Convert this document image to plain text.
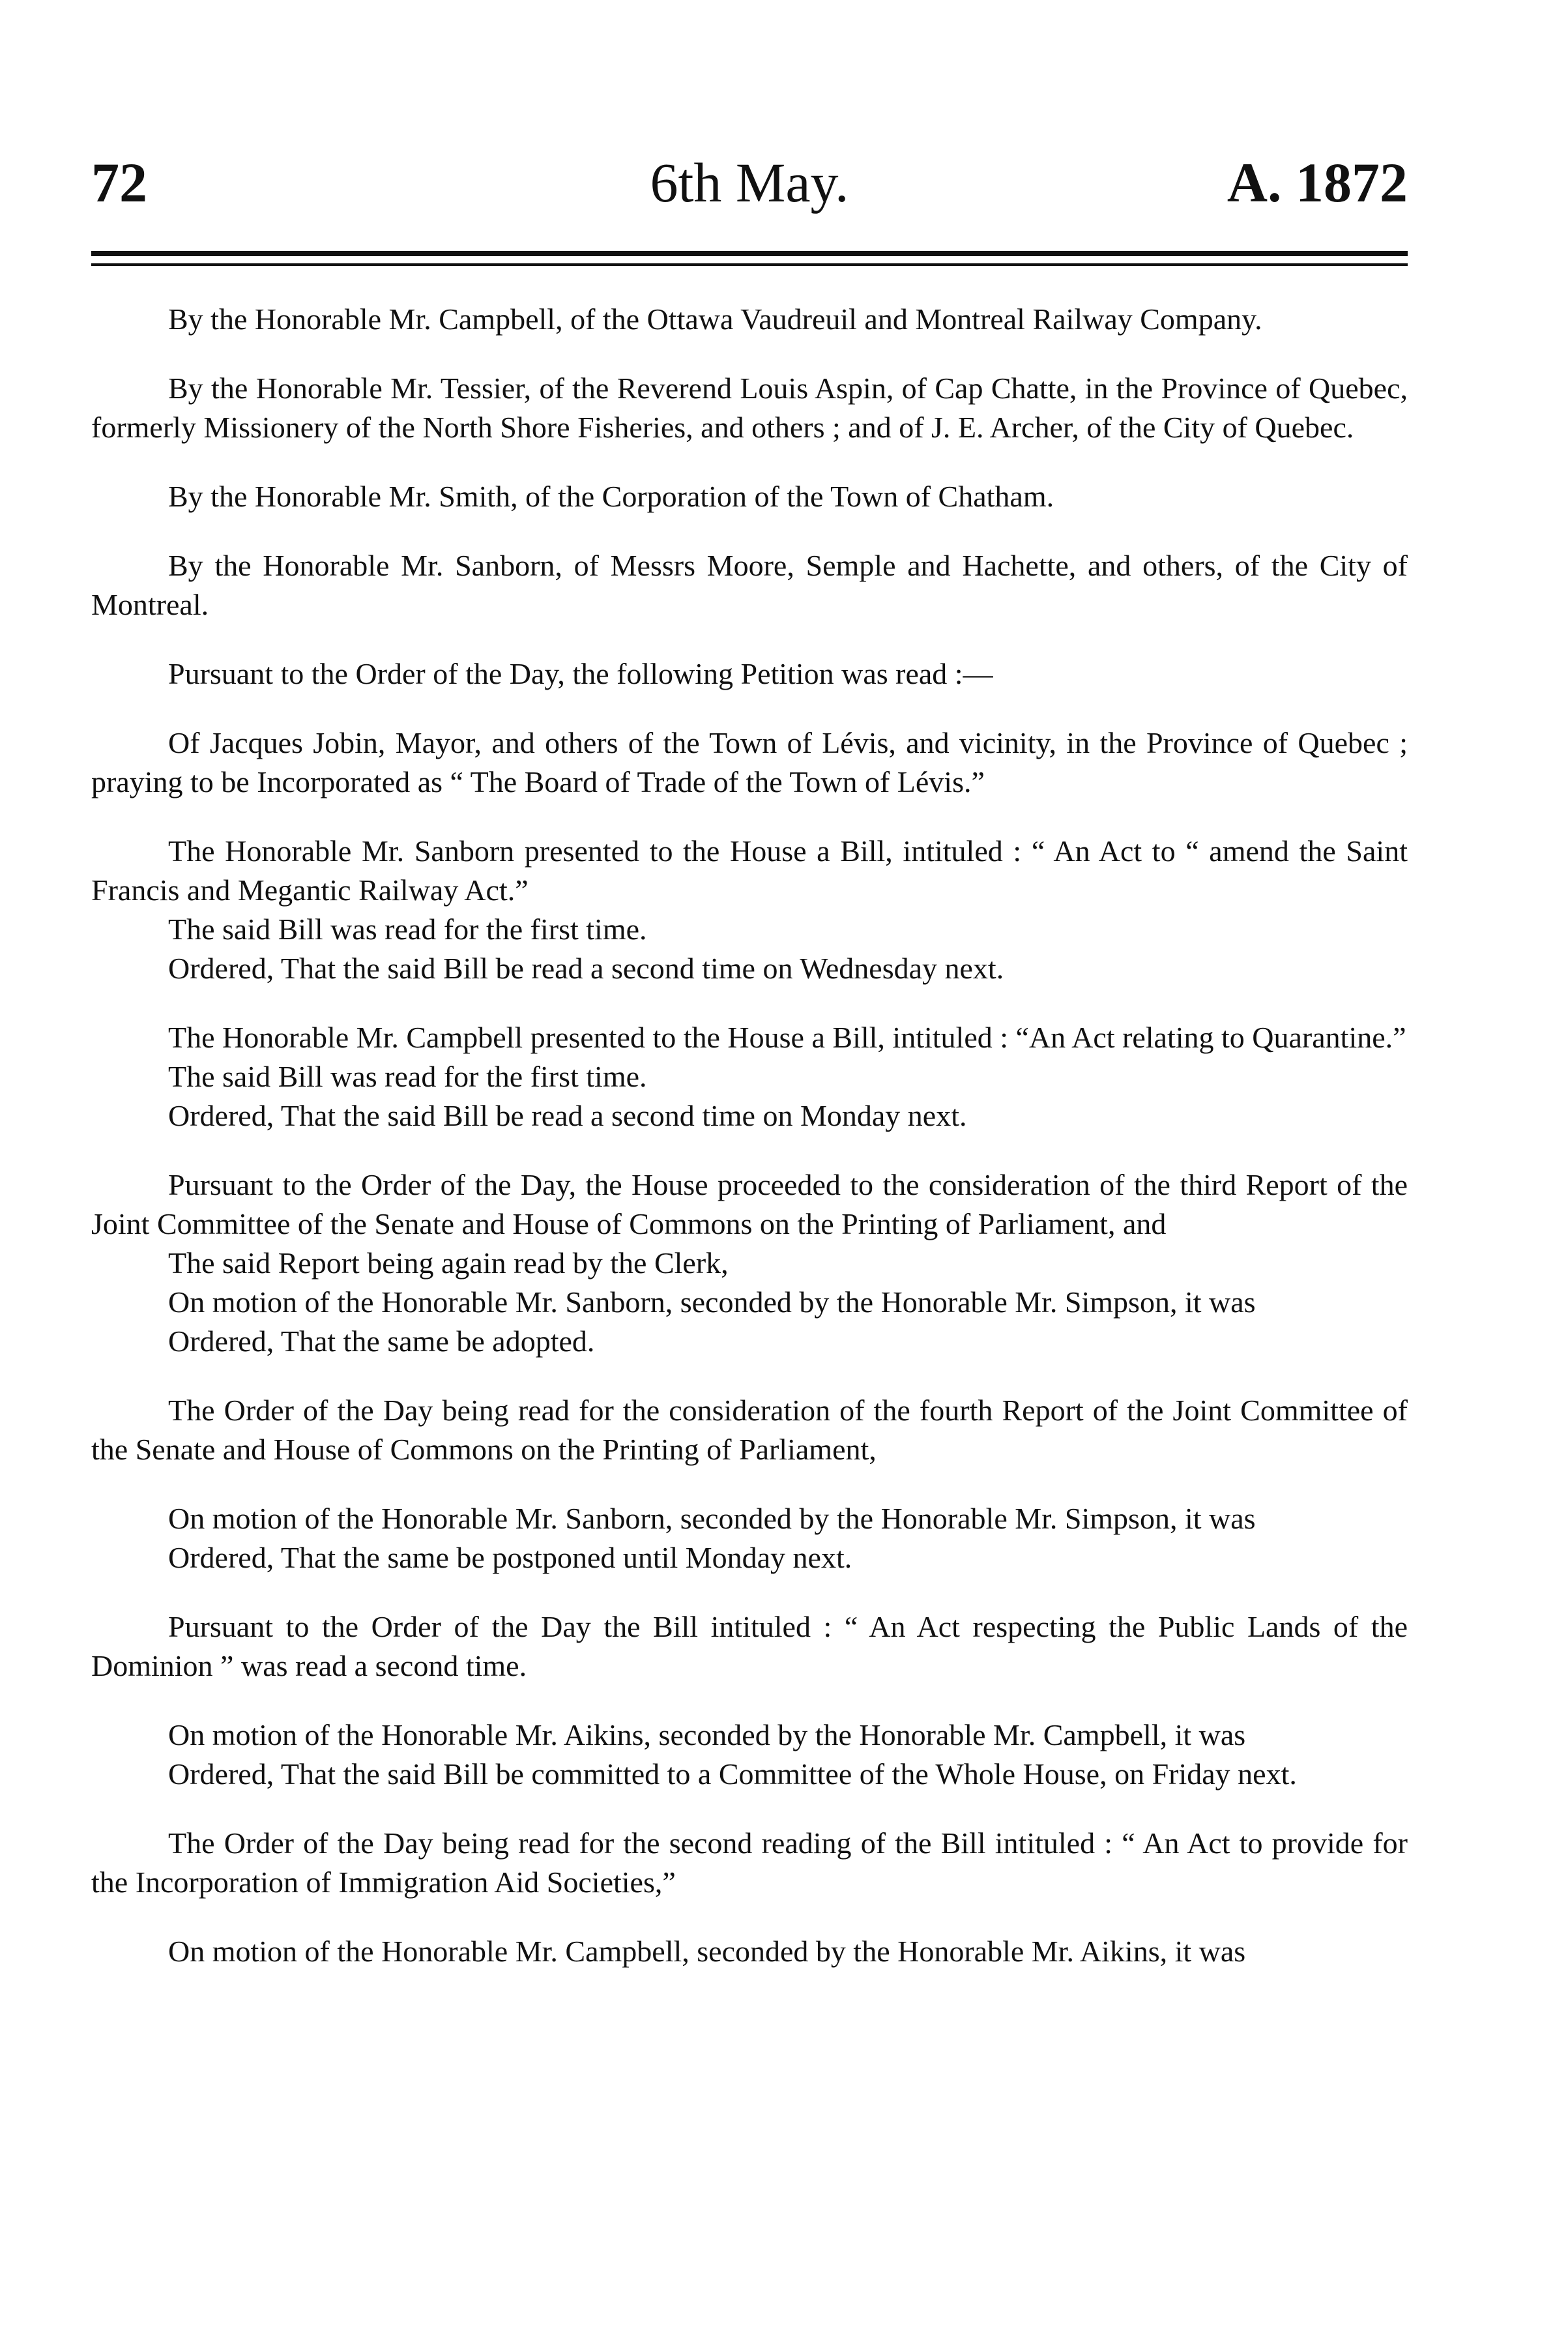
72	6th May.	A. 1872

By the Honorable Mr. Campbell, of the Ottawa Vaudreuil and Montreal Railway Company.

By the Honorable Mr. Tessier, of the Reverend Louis Aspin, of Cap Chatte, in the Province of Quebec, formerly Missionery of the North Shore Fisheries, and others ; and of J. E. Archer, of the City of Quebec.

By the Honorable Mr. Smith, of the Corporation of the Town of Chatham.

By the Honorable Mr. Sanborn, of Messrs Moore, Semple and Hachette, and others, of the City of Montreal.

Pursuant to the Order of the Day, the following Petition was read :—

Of Jacques Jobin, Mayor, and others of the Town of Lévis, and vicinity, in the Province of Quebec ; praying to be Incorporated as “ The Board of Trade of the Town of Lévis.”

The Honorable Mr. Sanborn presented to the House a Bill, intituled : “ An Act to “ amend the Saint Francis and Megantic Railway Act.”

The said Bill was read for the first time.

Ordered, That the said Bill be read a second time on Wednesday next.

The Honorable Mr. Campbell presented to the House a Bill, intituled : “An Act relating to Quarantine.”

The said Bill was read for the first time.

Ordered, That the said Bill be read a second time on Monday next.

Pursuant to the Order of the Day, the House proceeded to the consideration of the third Report of the Joint Committee of the Senate and House of Commons on the Printing of Parliament, and

The said Report being again read by the Clerk,

On motion of the Honorable Mr. Sanborn, seconded by the Honorable Mr. Simpson, it was

Ordered, That the same be adopted.

The Order of the Day being read for the consideration of the fourth Report of the Joint Committee of the Senate and House of Commons on the Printing of Parliament,

On motion of the Honorable Mr. Sanborn, seconded by the Honorable Mr. Simpson, it was

Ordered, That the same be postponed until Monday next.

Pursuant to the Order of the Day the Bill intituled : “ An Act respecting the Public Lands of the Dominion ” was read a second time.

On motion of the Honorable Mr. Aikins, seconded by the Honorable Mr. Campbell, it was

Ordered, That the said Bill be committed to a Committee of the Whole House, on Friday next.

The Order of the Day being read for the second reading of the Bill intituled : “ An Act to provide for the Incorporation of Immigration Aid Societies,”

On motion of the Honorable Mr. Campbell, seconded by the Honorable Mr. Aikins, it was
